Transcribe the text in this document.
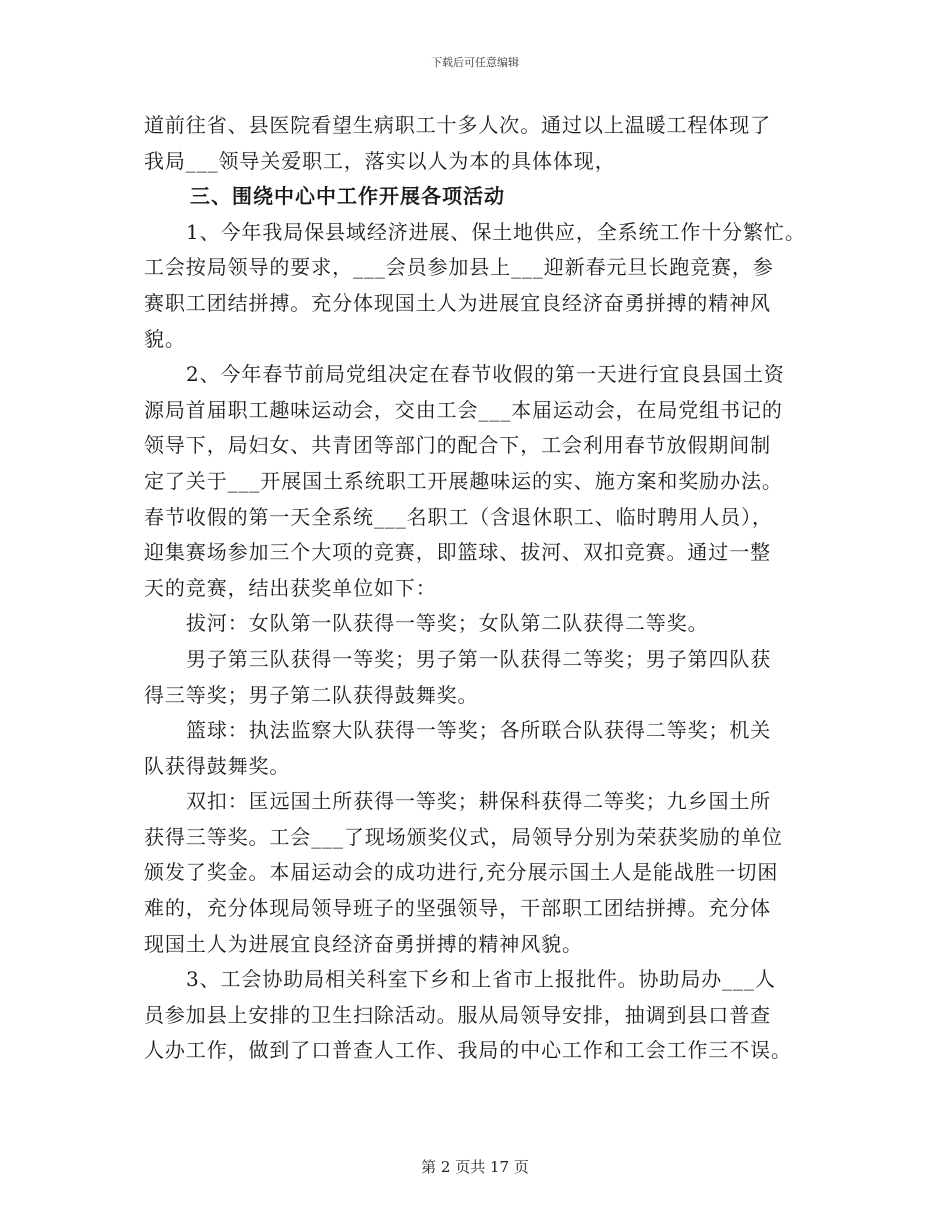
下载后可任意编辑
道前往省、县医院看望生病职工十多人次。通过以上温暖工程体现了
我局___领导关爱职工，落实以人为本的具体体现，
三、围绕中心中工作开展各项活动
1、今年我局保县域经济进展、保土地供应，全系统工作十分繁忙。
工会按局领导的要求，___会员参加县上___迎新春元旦长跑竞赛，参
赛职工团结拼搏。充分体现国土人为进展宜良经济奋勇拼搏的精神风
貌。
2、今年春节前局党组决定在春节收假的第一天进行宜良县国土资
源局首届职工趣味运动会，交由工会___本届运动会，在局党组书记的
领导下，局妇女、共青团等部门的配合下，工会利用春节放假期间制
定了关于___开展国土系统职工开展趣味运的实、施方案和奖励办法。
春节收假的第一天全系统___名职工（含退休职工、临时聘用人员），
迎集赛场参加三个大项的竞赛，即篮球、拔河、双扣竞赛。通过一整
天的竞赛，结出获奖单位如下：
拔河：女队第一队获得一等奖；女队第二队获得二等奖。
男子第三队获得一等奖；男子第一队获得二等奖；男子第四队获
得三等奖；男子第二队获得鼓舞奖。
篮球：执法监察大队获得一等奖；各所联合队获得二等奖；机关
队获得鼓舞奖。
双扣：匡远国土所获得一等奖；耕保科获得二等奖；九乡国土所
获得三等奖。工会___了现场颁奖仪式，局领导分别为荣获奖励的单位
颁发了奖金。本届运动会的成功进行,充分展示国土人是能战胜一切困
难的，充分体现局领导班子的坚强领导，干部职工团结拼搏。充分体
现国土人为进展宜良经济奋勇拼搏的精神风貌。
3、工会协助局相关科室下乡和上省市上报批件。协助局办___人
员参加县上安排的卫生扫除活动。服从局领导安排，抽调到县口普查
人办工作，做到了口普查人工作、我局的中心工作和工会工作三不误。
第 2 页共 17 页
